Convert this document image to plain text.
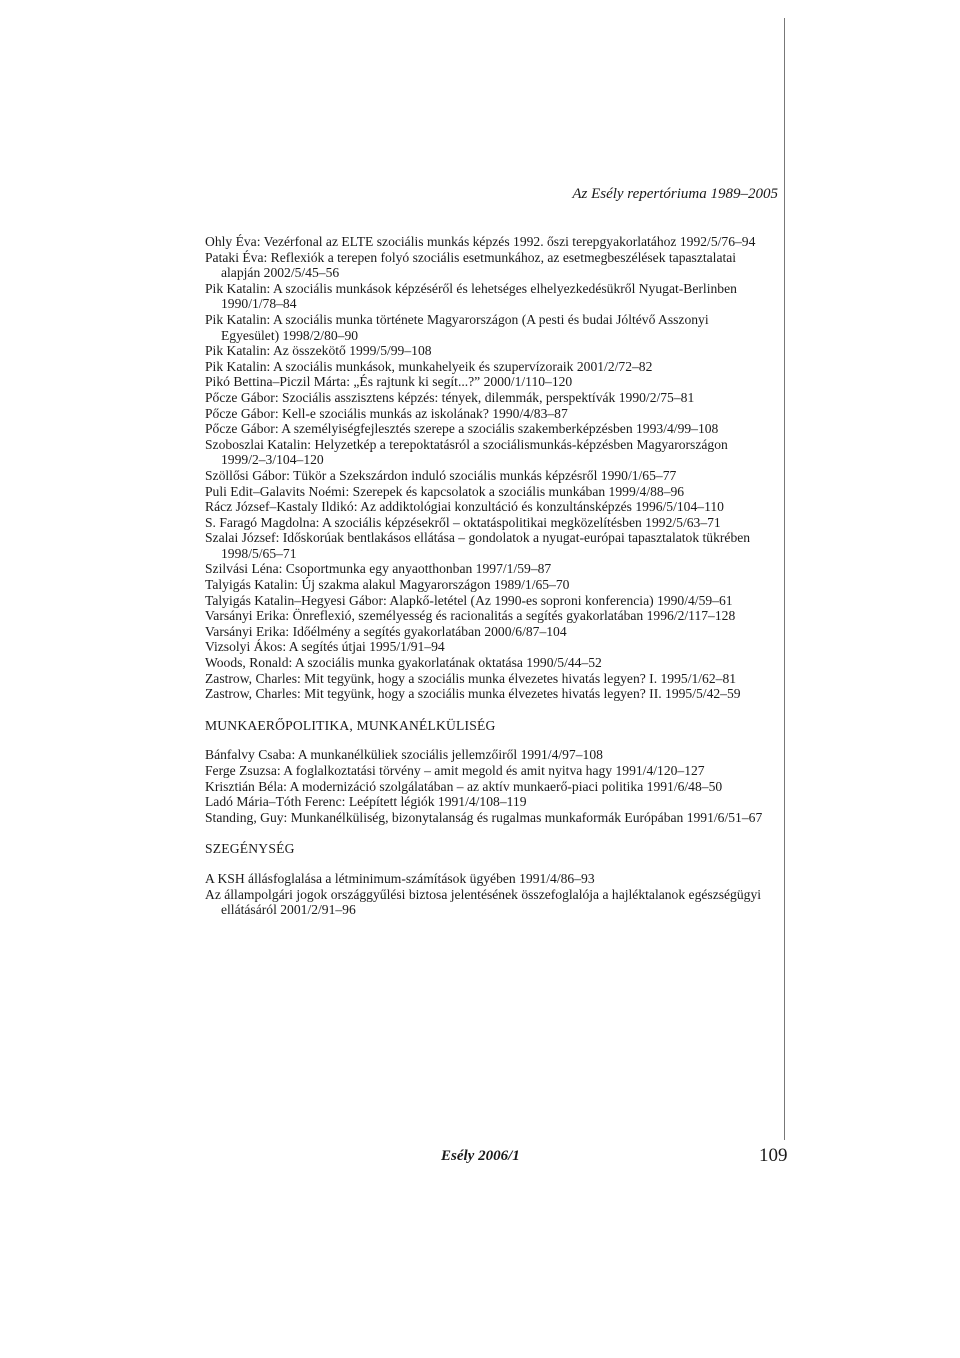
Az Esély repertóriuma 1989–2005

Ohly Éva: Vezérfonal az ELTE szociális munkás képzés 1992. őszi terepgyakorlatához 1992/5/76–94

Pataki Éva: Reflexiók a terepen folyó szociális esetmunkához, az esetmegbeszélések tapasztalatai alapján 2002/5/45–56

Pik Katalin: A szociális munkások képzéséről és lehetséges elhelyezkedésükről Nyugat-Berlinben 1990/1/78–84

Pik Katalin: A szociális munka története Magyarországon (A pesti és budai Jóltévő Asszonyi Egyesület) 1998/2/80–90

Pik Katalin: Az összekötő 1999/5/99–108

Pik Katalin: A szociális munkások, munkahelyeik és szupervízoraik 2001/2/72–82

Pikó Bettina–Piczil Márta: „És rajtunk ki segít...?” 2000/1/110–120

Pőcze Gábor: Szociális asszisztens képzés: tények, dilemmák, perspektívák 1990/2/75–81

Pőcze Gábor: Kell-e szociális munkás az iskolának? 1990/4/83–87

Pőcze Gábor: A személyiségfejlesztés szerepe a szociális szakemberképzésben 1993/4/99–108

Szoboszlai Katalin: Helyzetkép a terepoktatásról a szociálismunkás-képzésben Magyarországon 1999/2–3/104–120

Szöllősi Gábor: Tükör a Szekszárdon induló szociális munkás képzésről 1990/1/65–77

Puli Edit–Galavits Noémi: Szerepek és kapcsolatok a szociális munkában 1999/4/88–96

Rácz József–Kastaly Ildikó: Az addiktológiai konzultáció és konzultánsképzés 1996/5/104–110

S. Faragó Magdolna: A szociális képzésekről – oktatáspolitikai megközelítésben 1992/5/63–71

Szalai József: Időskorúak bentlakásos ellátása – gondolatok a nyugat-európai tapasztalatok tükrében 1998/5/65–71

Szilvási Léna: Csoportmunka egy anyaotthonban 1997/1/59–87

Talyigás Katalin: Új szakma alakul Magyarországon 1989/1/65–70

Talyigás Katalin–Hegyesi Gábor: Alapkő-letétel (Az 1990-es soproni konferencia) 1990/4/59–61

Varsányi Erika: Önreflexió, személyesség és racionalitás a segítés gyakorlatában 1996/2/117–128

Varsányi Erika: Időélmény a segítés gyakorlatában 2000/6/87–104

Vizsolyi Ákos: A segítés útjai 1995/1/91–94

Woods, Ronald: A szociális munka gyakorlatának oktatása 1990/5/44–52

Zastrow, Charles: Mit tegyünk, hogy a szociális munka élvezetes hivatás legyen? I. 1995/1/62–81

Zastrow, Charles: Mit tegyünk, hogy a szociális munka élvezetes hivatás legyen? II. 1995/5/42–59

MUNKAERŐPOLITIKA, MUNKANÉLKÜLISÉG

Bánfalvy Csaba: A munkanélküliek szociális jellemzőiről 1991/4/97–108

Ferge Zsuzsa: A foglalkoztatási törvény – amit megold és amit nyitva hagy 1991/4/120–127

Krisztián Béla: A modernizáció szolgálatában – az aktív munkaerő-piaci politika 1991/6/48–50

Ladó Mária–Tóth Ferenc: Leépített légiók 1991/4/108–119

Standing, Guy: Munkanélküliség, bizonytalanság és rugalmas munkaformák Európában 1991/6/51–67

SZEGÉNYSÉG

A KSH állásfoglalása a létminimum-számítások ügyében 1991/4/86–93

Az állampolgári jogok országgyűlési biztosa jelentésének összefoglalója a hajléktalanok egészségügyi ellátásáról 2001/2/91–96

Esély 2006/1	109
